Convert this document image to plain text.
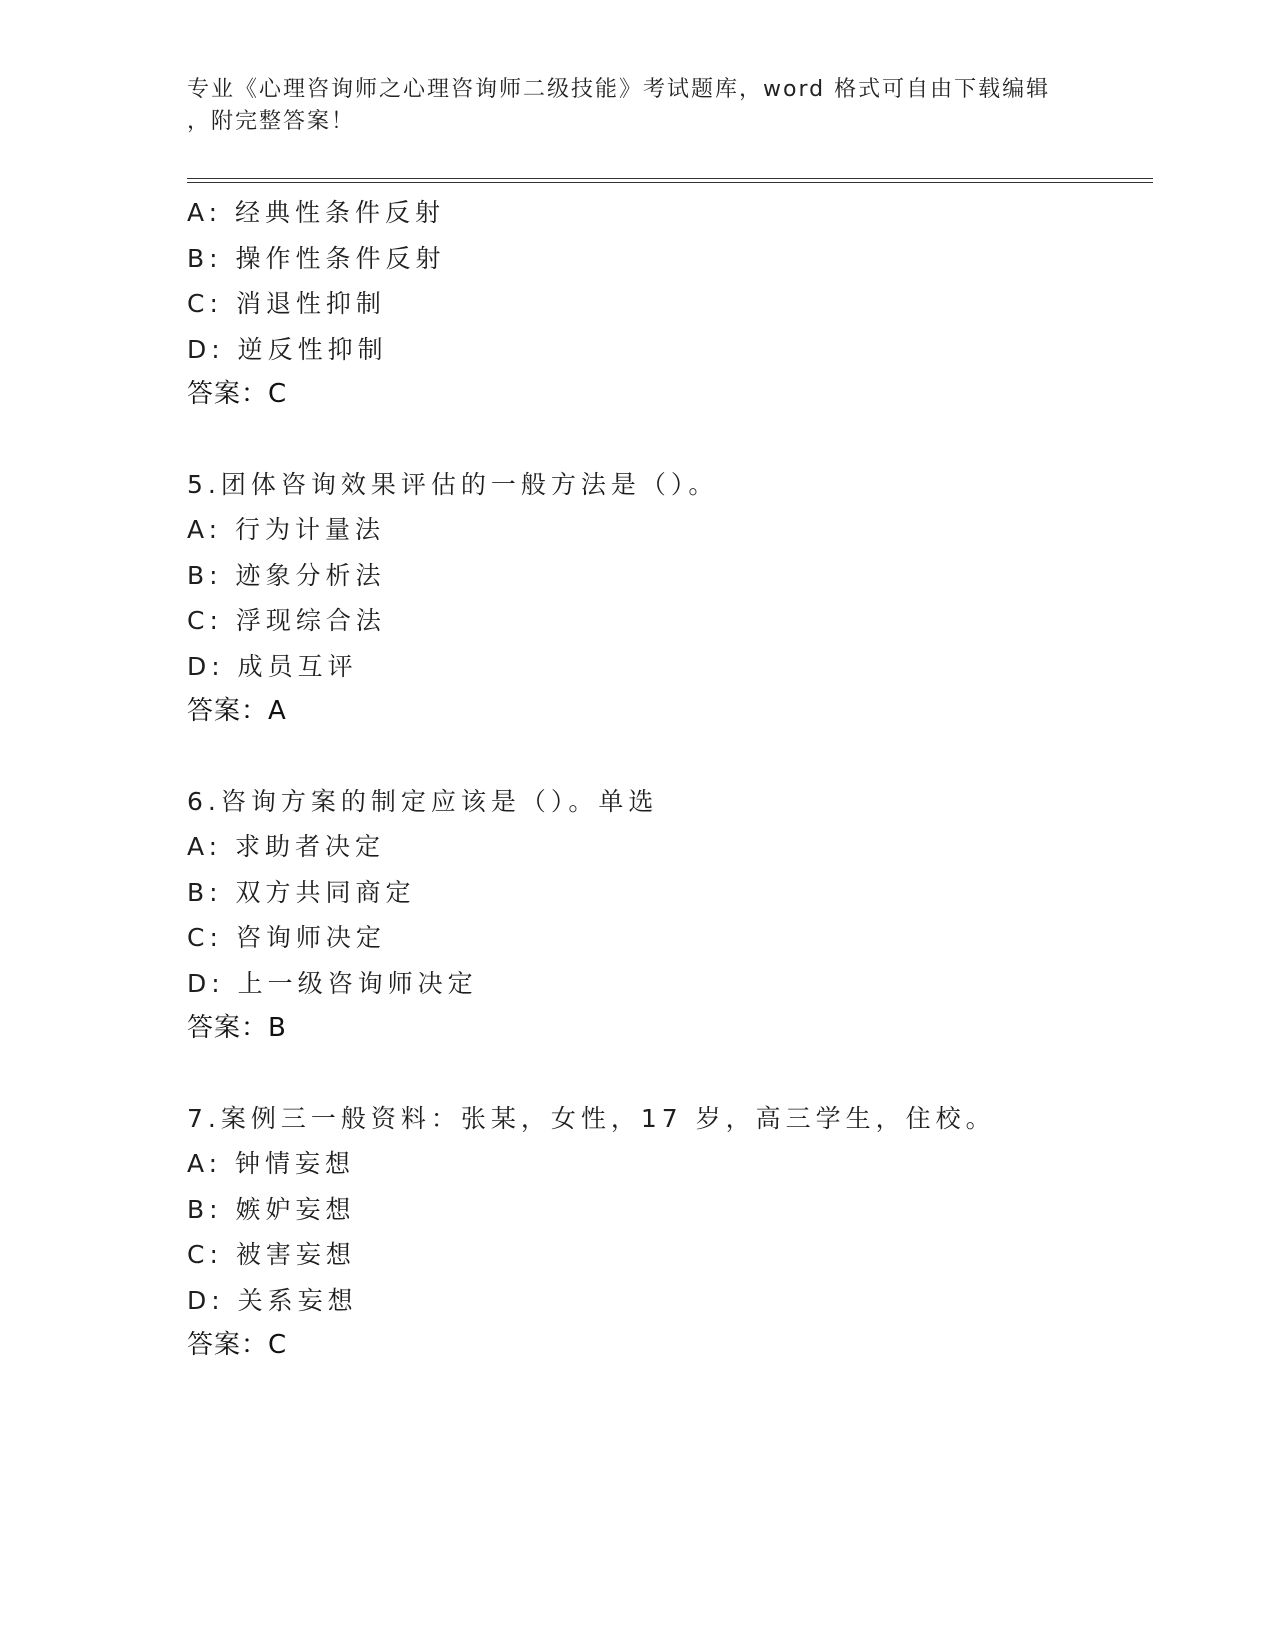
专业《心理咨询师之心理咨询师二级技能》考试题库，word 格式可自由下载编辑
，附完整答案！
A: 经典性条件反射
B: 操作性条件反射
C: 消退性抑制
D: 逆反性抑制
答案：C
5.团体咨询效果评估的一般方法是（）。
A: 行为计量法
B: 迹象分析法
C: 浮现综合法
D: 成员互评
答案：A
6.咨询方案的制定应该是（）。单选
A: 求助者决定
B: 双方共同商定
C: 咨询师决定
D: 上一级咨询师决定
答案：B
7.案例三一般资料：张某，女性，17 岁，高三学生，住校。
A: 钟情妄想
B: 嫉妒妄想
C: 被害妄想
D: 关系妄想
答案：C
